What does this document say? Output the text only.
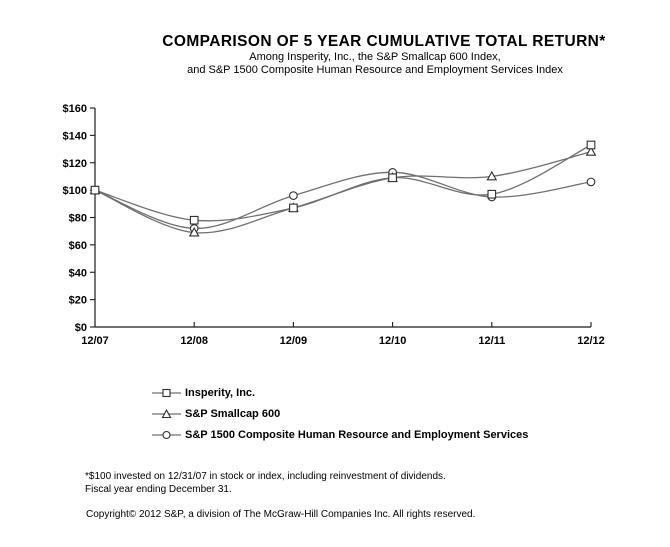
COMPARISON OF 5 YEAR CUMULATIVE TOTAL RETURN*
Among Insperity, Inc., the S&P Smallcap 600 Index,
and S&P 1500 Composite Human Resource and Employment Services Index
$0
$20
$40
$60
$80
$100
$120
$140
$160
12/07	12/08	12/09	12/10	12/11	12/12
Insperity, Inc.
S&P Smallcap 600
S&P 1500 Composite Human Resource and Employment Services
*$100 invested on 12/31/07 in stock or index, including reinvestment of dividends.
Fiscal year ending December 31.
Copyright© 2012 S&P, a division of The McGraw-Hill Companies Inc. All rights reserved.
